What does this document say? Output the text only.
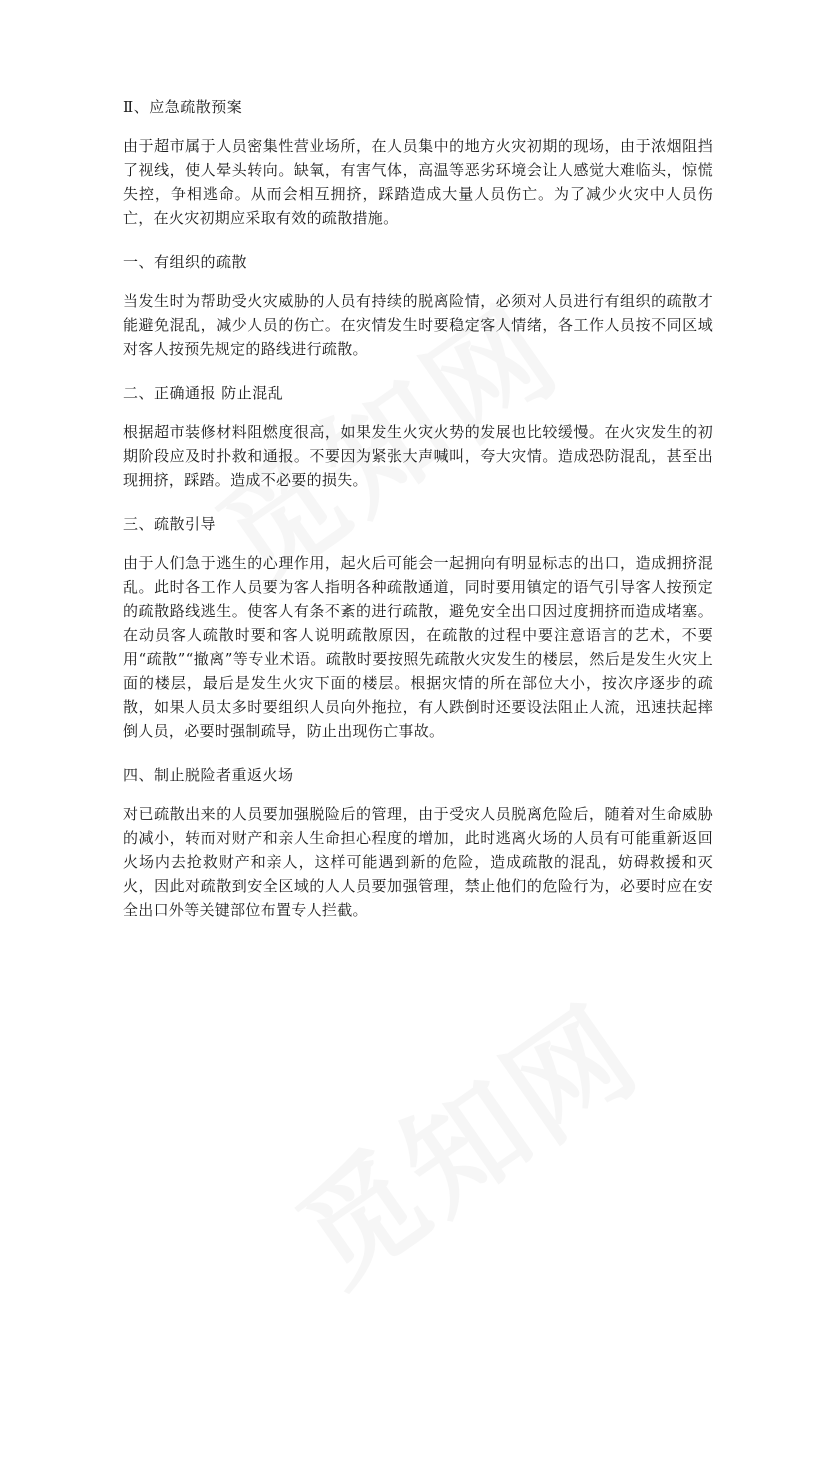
Ⅱ、应急疏散预案

由于超市属于人员密集性营业场所，在人员集中的地方火灾初期的现场，由于浓烟阻挡了视线，使人晕头转向。缺氧，有害气体，高温等恶劣环境会让人感觉大难临头，惊慌失控，争相逃命。从而会相互拥挤，踩踏造成大量人员伤亡。为了减少火灾中人员伤亡，在火灾初期应采取有效的疏散措施。

一、有组织的疏散

当发生时为帮助受火灾威胁的人员有持续的脱离险情，必须对人员进行有组织的疏散才能避免混乱，减少人员的伤亡。在灾情发生时要稳定客人情绪，各工作人员按不同区域对客人按预先规定的路线进行疏散。

二、正确通报 防止混乱

根据超市装修材料阻燃度很高，如果发生火灾火势的发展也比较缓慢。在火灾发生的初期阶段应及时扑救和通报。不要因为紧张大声喊叫，夸大灾情。造成恐防混乱，甚至出现拥挤，踩踏。造成不必要的损失。

三、疏散引导

由于人们急于逃生的心理作用，起火后可能会一起拥向有明显标志的出口，造成拥挤混乱。此时各工作人员要为客人指明各种疏散通道，同时要用镇定的语气引导客人按预定的疏散路线逃生。使客人有条不紊的进行疏散，避免安全出口因过度拥挤而造成堵塞。在动员客人疏散时要和客人说明疏散原因，在疏散的过程中要注意语言的艺术，不要用“疏散”“撤离”等专业术语。疏散时要按照先疏散火灾发生的楼层，然后是发生火灾上面的楼层，最后是发生火灾下面的楼层。根据灾情的所在部位大小，按次序逐步的疏散，如果人员太多时要组织人员向外拖拉，有人跌倒时还要设法阻止人流，迅速扶起摔倒人员，必要时强制疏导，防止出现伤亡事故。

四、制止脱险者重返火场

对已疏散出来的人员要加强脱险后的管理，由于受灾人员脱离危险后，随着对生命威胁的减小，转而对财产和亲人生命担心程度的增加，此时逃离火场的人员有可能重新返回火场内去抢救财产和亲人，这样可能遇到新的危险，造成疏散的混乱，妨碍救援和灭火，因此对疏散到安全区域的人人员要加强管理，禁止他们的危险行为，必要时应在安全出口外等关键部位布置专人拦截。
